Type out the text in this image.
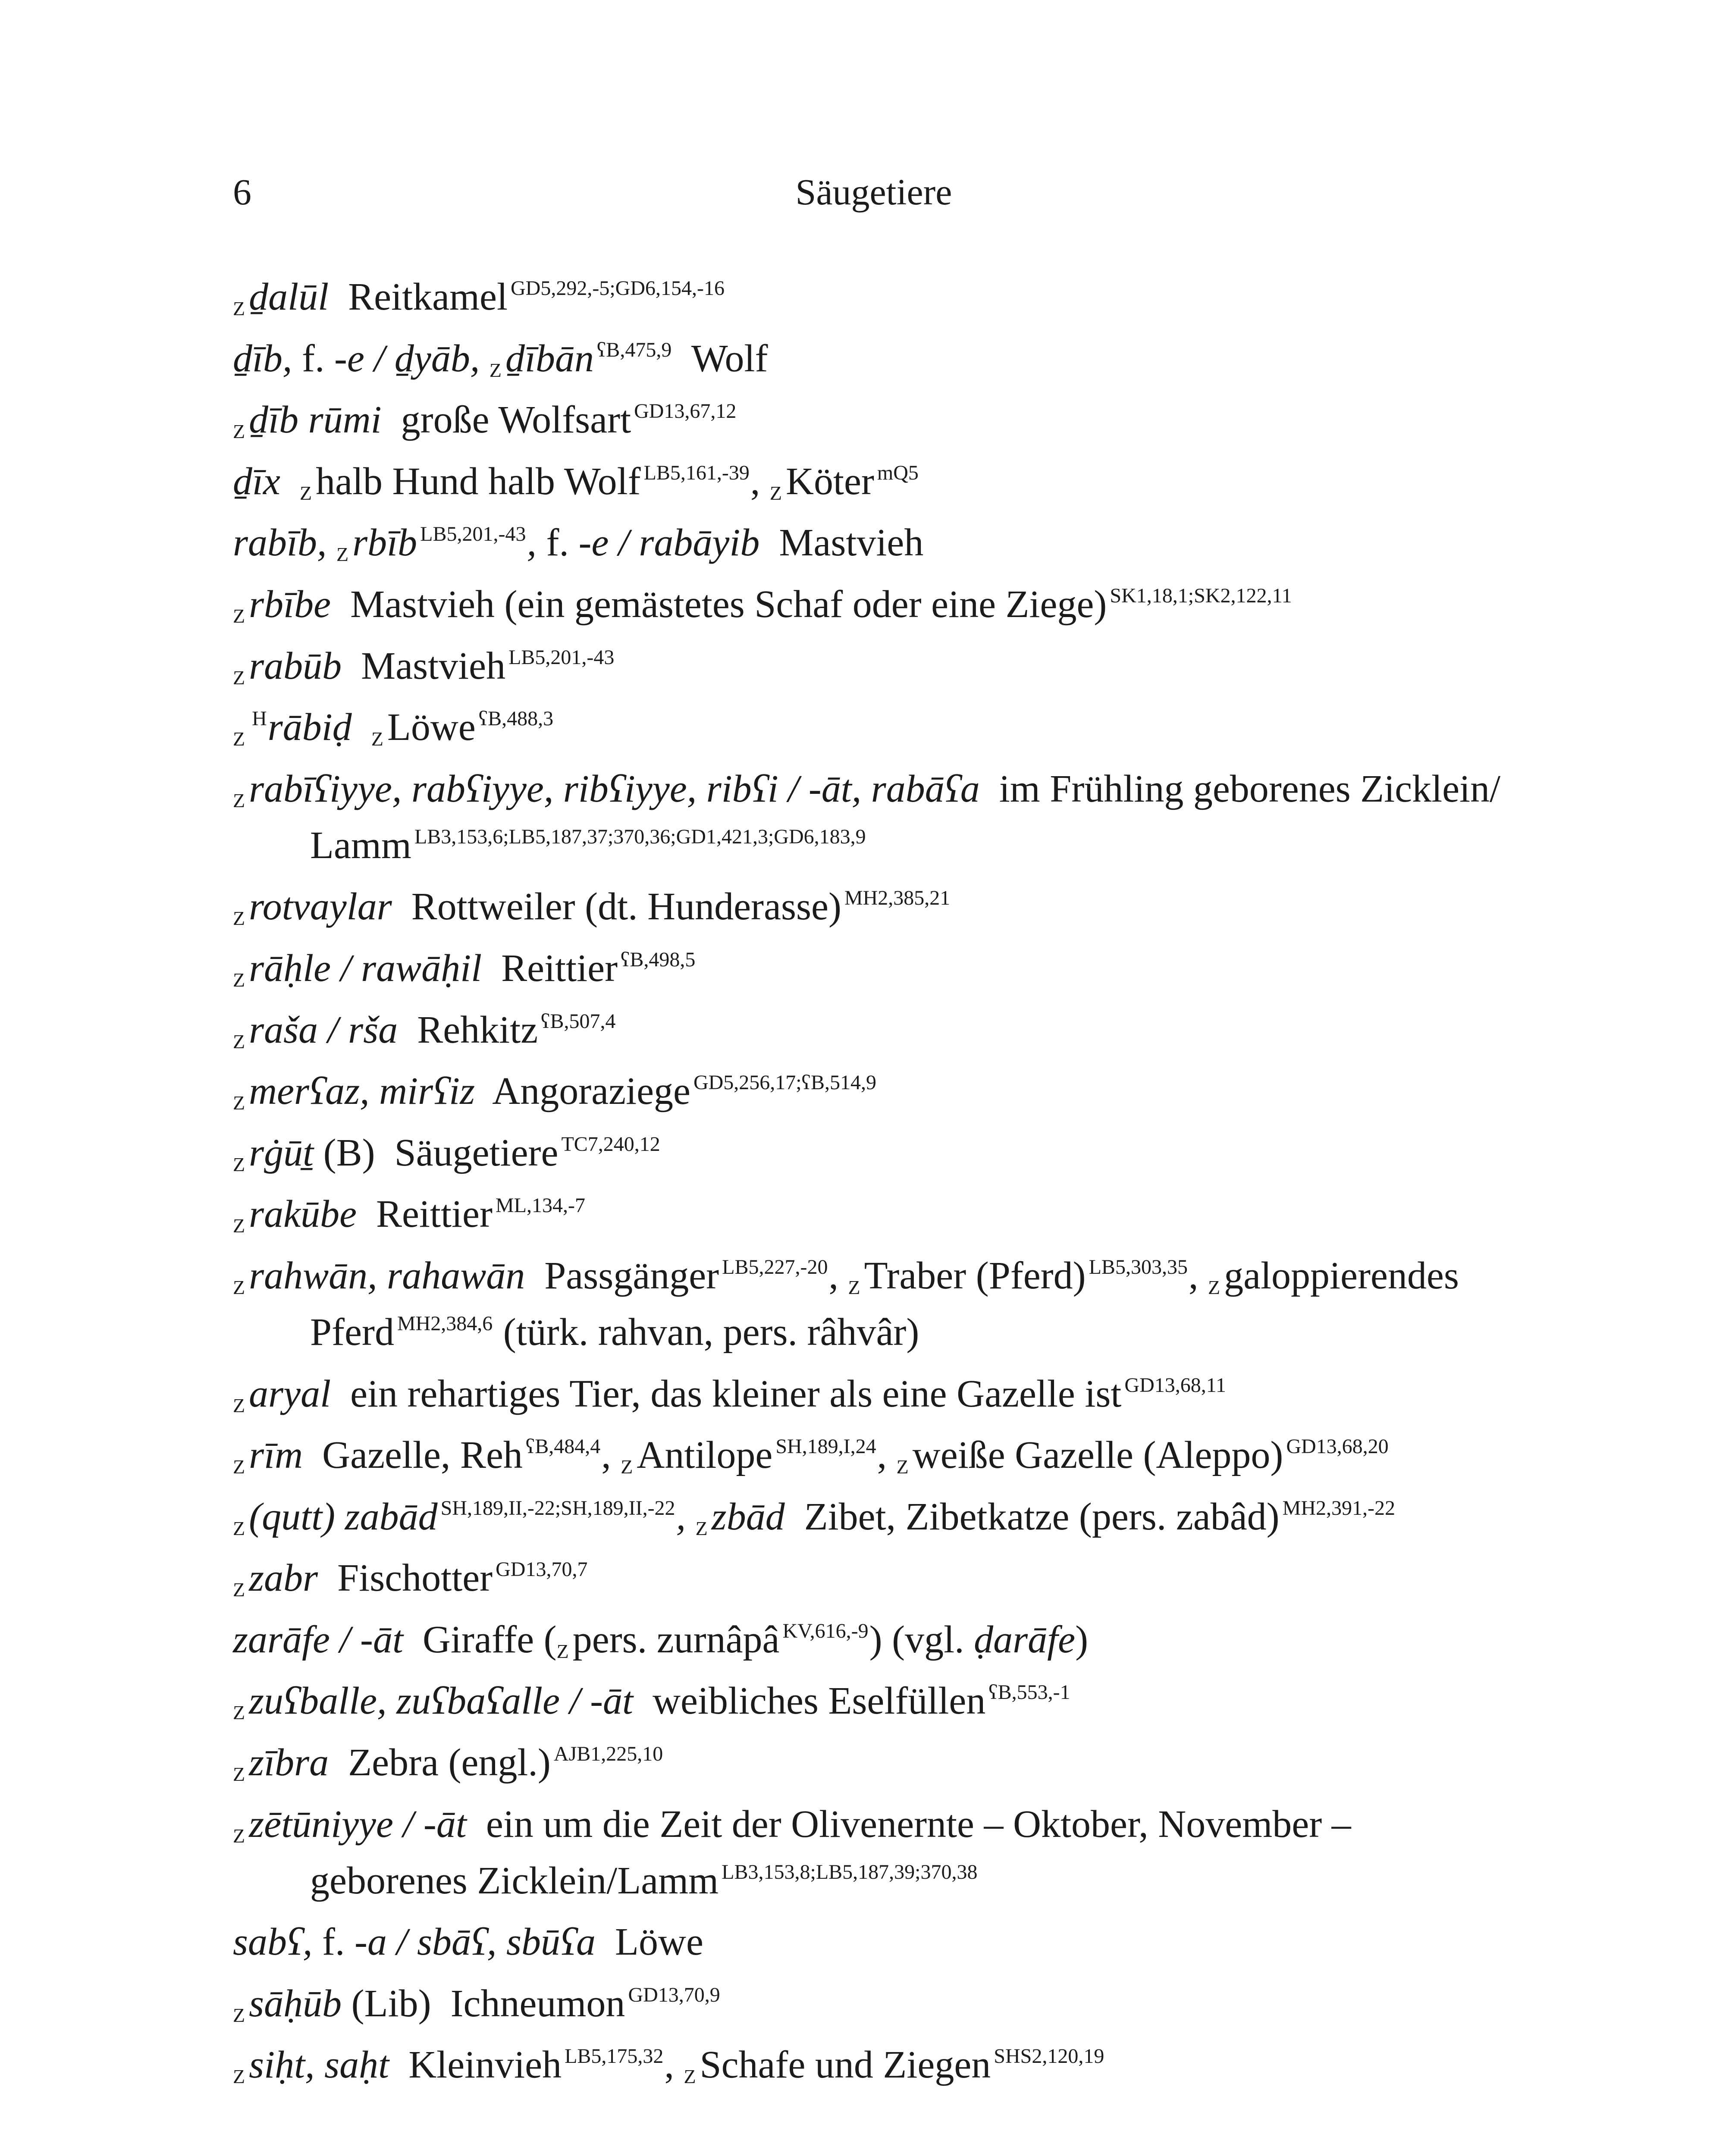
6	Säugetiere
Z ḏalūl  Reitkamel $^{GD5,292,-5;GD6,154,-16}$
ḏīb, f. -e / ḏyāb, Z ḏībān $^{ʕB,475,9}$  Wolf
Z ḏīb rūmi  große Wolfsart $^{GD13,67,12}$
ḏīx Z halb Hund halb Wolf $^{LB5,161,-39}$, Z Köter $^{mQ5}$
rabīb, Z rbīb $^{LB5,201,-43}$, f. -e / rabāyib  Mastvieh
Z rbībe  Mastvieh (ein gemästetes Schaf oder eine Ziege) $^{SK1,18,1;SK2,122,11}$
Z rabūb  Mastvieh $^{LB5,201,-43}$
$Z^Hrābiḍ$ Z Löwe $^{ʕB,488,3}$
Z rabīʕiyye, rabʕiyye, ribʕiyye, ribʕi / -āt, rabāʕa  im Frühling geborenes Zicklein/
Lamm $^{LB3,153,6;LB5,187,37;370,36;GD1,421,3;GD6,183,9}$
Z rotvaylar  Rottweiler (dt. Hunderasse) $^{MH2,385,21}$
Z rāḥle / rawāḥil  Reittier $^{ʕB,498,5}$
Z raša / rša  Rehkitz $^{ʕB,507,4}$
Z merʕaz, mirʕiz  Angoraziege $^{GD5,256,17;ʕB,514,9}$
Z rġūṯ (B)  Säugetiere $^{TC7,240,12}$
Z rakūbe  Reittier $^{ML,134,-7}$
Z rahwān, rahawān  Passgänger $^{LB5,227,-20}$, Z Traber (Pferd) $^{LB5,303,35}$, Z galoppierendes
Pferd $^{MH2,384,6}$ (türk. rahvan, pers. râhvâr)
Z aryal  ein rehartiges Tier, das kleiner als eine Gazelle ist $^{GD13,68,11}$
Z rīm  Gazelle, Reh $^{ʕB,484,4}$, Z Antilope $^{SH,189,I,24}$, Z weiße Gazelle (Aleppo) $^{GD13,68,20}$
Z (qutt) zabād $^{SH,189,II,-22;SH,189,II,-22}$, Z zbād  Zibet, Zibetkatze (pers. zabâd) $^{MH2,391,-22}$
Z zabr  Fischotter $^{GD13,70,7}$
zarāfe / -āt  Giraffe (Z pers. zurnâpâ $^{KV,616,-9}$) (vgl. ḍarāfe)
Z zuʕballe, zuʕbaʕalle / -āt  weibliches Eselfüllen $^{ʕB,553,-1}$
Z zībra  Zebra (engl.) $^{AJB1,225,10}$
Z zētūniyye / -āt  ein um die Zeit der Olivenernte – Oktober, November –
geborenes Zicklein/Lamm $^{LB3,153,8;LB5,187,39;370,38}$
sabʕ, f. -a / sbāʕ, sbūʕa  Löwe
Z sāḥūb (Lib)  Ichneumon $^{GD13,70,9}$
Z siḥt, saḥt  Kleinvieh $^{LB5,175,32}$, Z Schafe und Ziegen $^{SHS2,120,19}$
